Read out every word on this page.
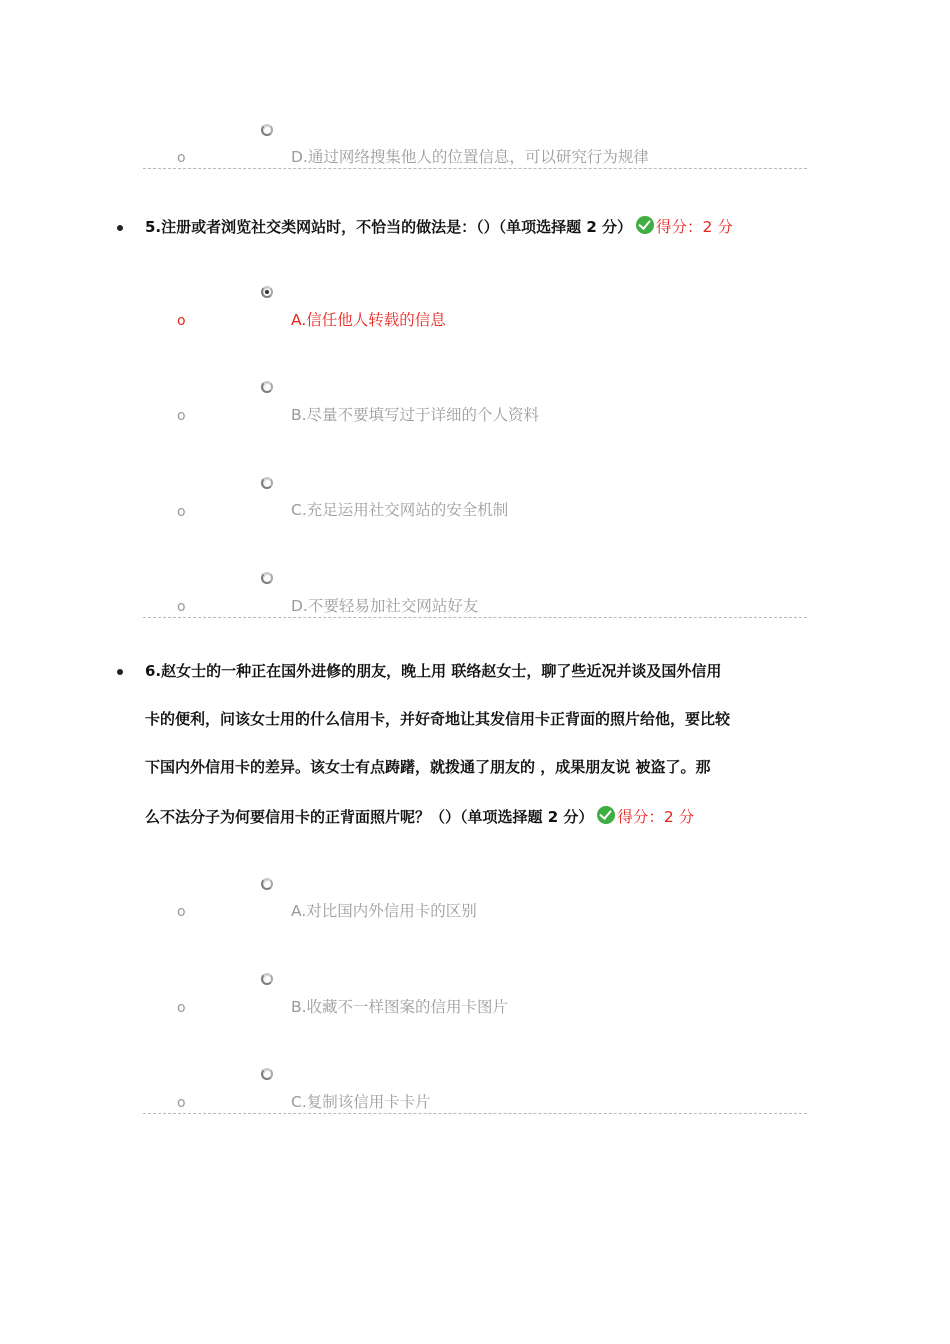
o	D.通过网络搜集他人的位置信息，可以研究行为规律
5.注册或者浏览社交类网站时，不恰当的做法是：（）（单项选择题 2 分） 得分：2 分
o	A.信任他人转载的信息
o	B.尽量不要填写过于详细的个人资料
o	C.充足运用社交网站的安全机制
o	D.不要轻易加社交网站好友
6.赵女士的一种正在国外进修的朋友，晚上用 联络赵女士，聊了些近况并谈及国外信用
卡的便利，问该女士用的什么信用卡，并好奇地让其发信用卡正背面的照片给他，要比较
下国内外信用卡的差异。该女士有点踌躇，就拨通了朋友的 ，成果朋友说 被盗了。那
么不法分子为何要信用卡的正背面照片呢？（）（单项选择题 2 分） 得分：2 分
o	A.对比国内外信用卡的区别
o	B.收藏不一样图案的信用卡图片
o	C.复制该信用卡卡片
